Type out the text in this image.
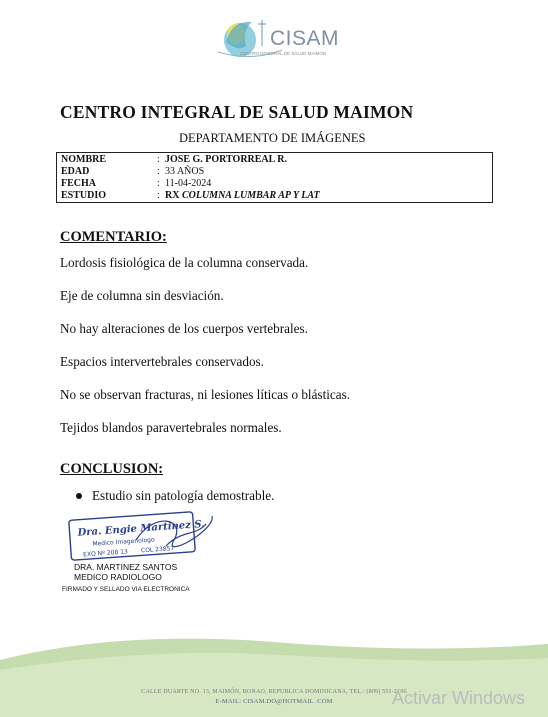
CISAM
CENTRO INTEGRAL DE SALUD MAIMON
CENTRO INTEGRAL DE SALUD MAIMON
DEPARTAMENTO DE IMÁGENES
NOMBRE	: JOSE G. PORTORREAL R.
EDAD	: 33 AÑOS
FECHA	: 11-04-2024
ESTUDIO	: RX COLUMNA LUMBAR AP Y LAT
COMENTARIO:
Lordosis fisiológica de la columna conservada.
Eje de columna sin desviación.
No hay alteraciones de los cuerpos vertebrales.
Espacios intervertebrales conservados.
No se observan fracturas, ni lesiones líticas o blásticas.
Tejidos blandos paravertebrales normales.
CONCLUSION:
Estudio sin patología demostrable.
Dra. Engie Martinez S.
Medico Imagenologo
EXQ Nº 208 13 COL 23857
DRA. MARTINEZ SANTOS
MEDICO RADIOLOGO
FIRMADO Y SELLADO VIA ELECTRONICA
CALLE DUARTE NO. 13, MAIMÓN, BONAO, REPUBLICA DOMINICANA, TEL.: (809) 551-2106
E-MAIL: CISAM.DO@HOTMAIL .COM	Activar Windows
